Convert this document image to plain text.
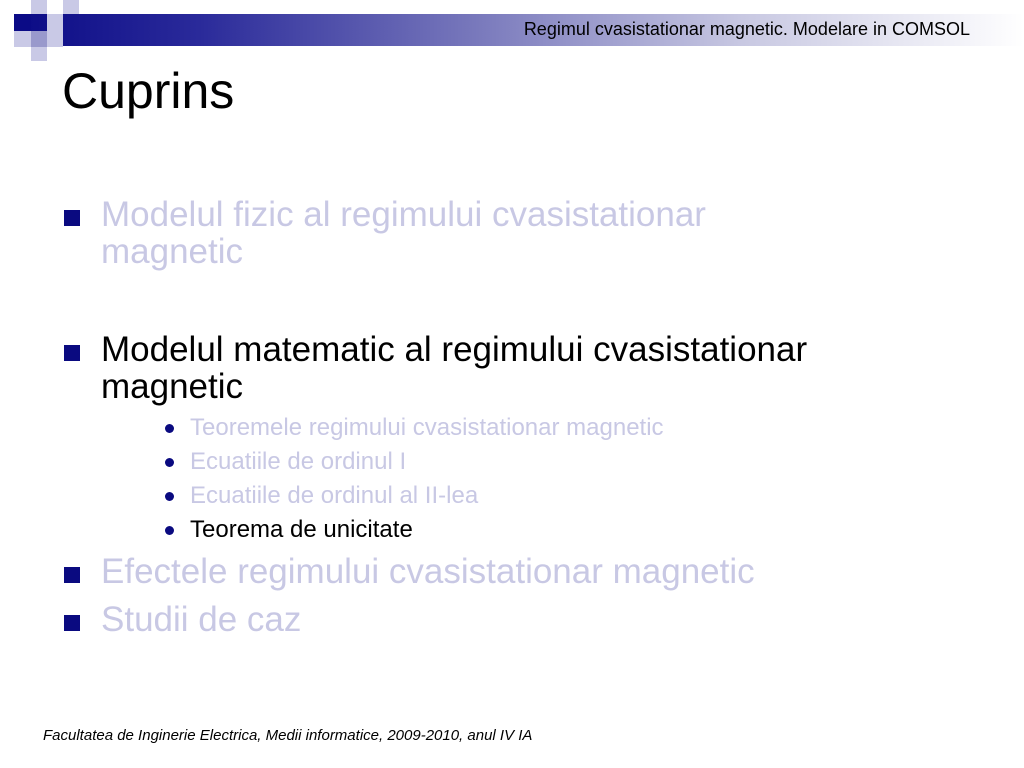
Regimul cvasistationar magnetic. Modelare in COMSOL
Cuprins
Modelul fizic al regimului cvasistationar
magnetic
Modelul matematic al regimului cvasistationar
magnetic
Teoremele regimului cvasistationar magnetic
Ecuatiile de ordinul I
Ecuatiile de ordinul al II-lea
Teorema de unicitate
Efectele regimului cvasistationar magnetic
Studii de caz
Facultatea de Inginerie Electrica, Medii informatice, 2009-2010, anul IV IA
